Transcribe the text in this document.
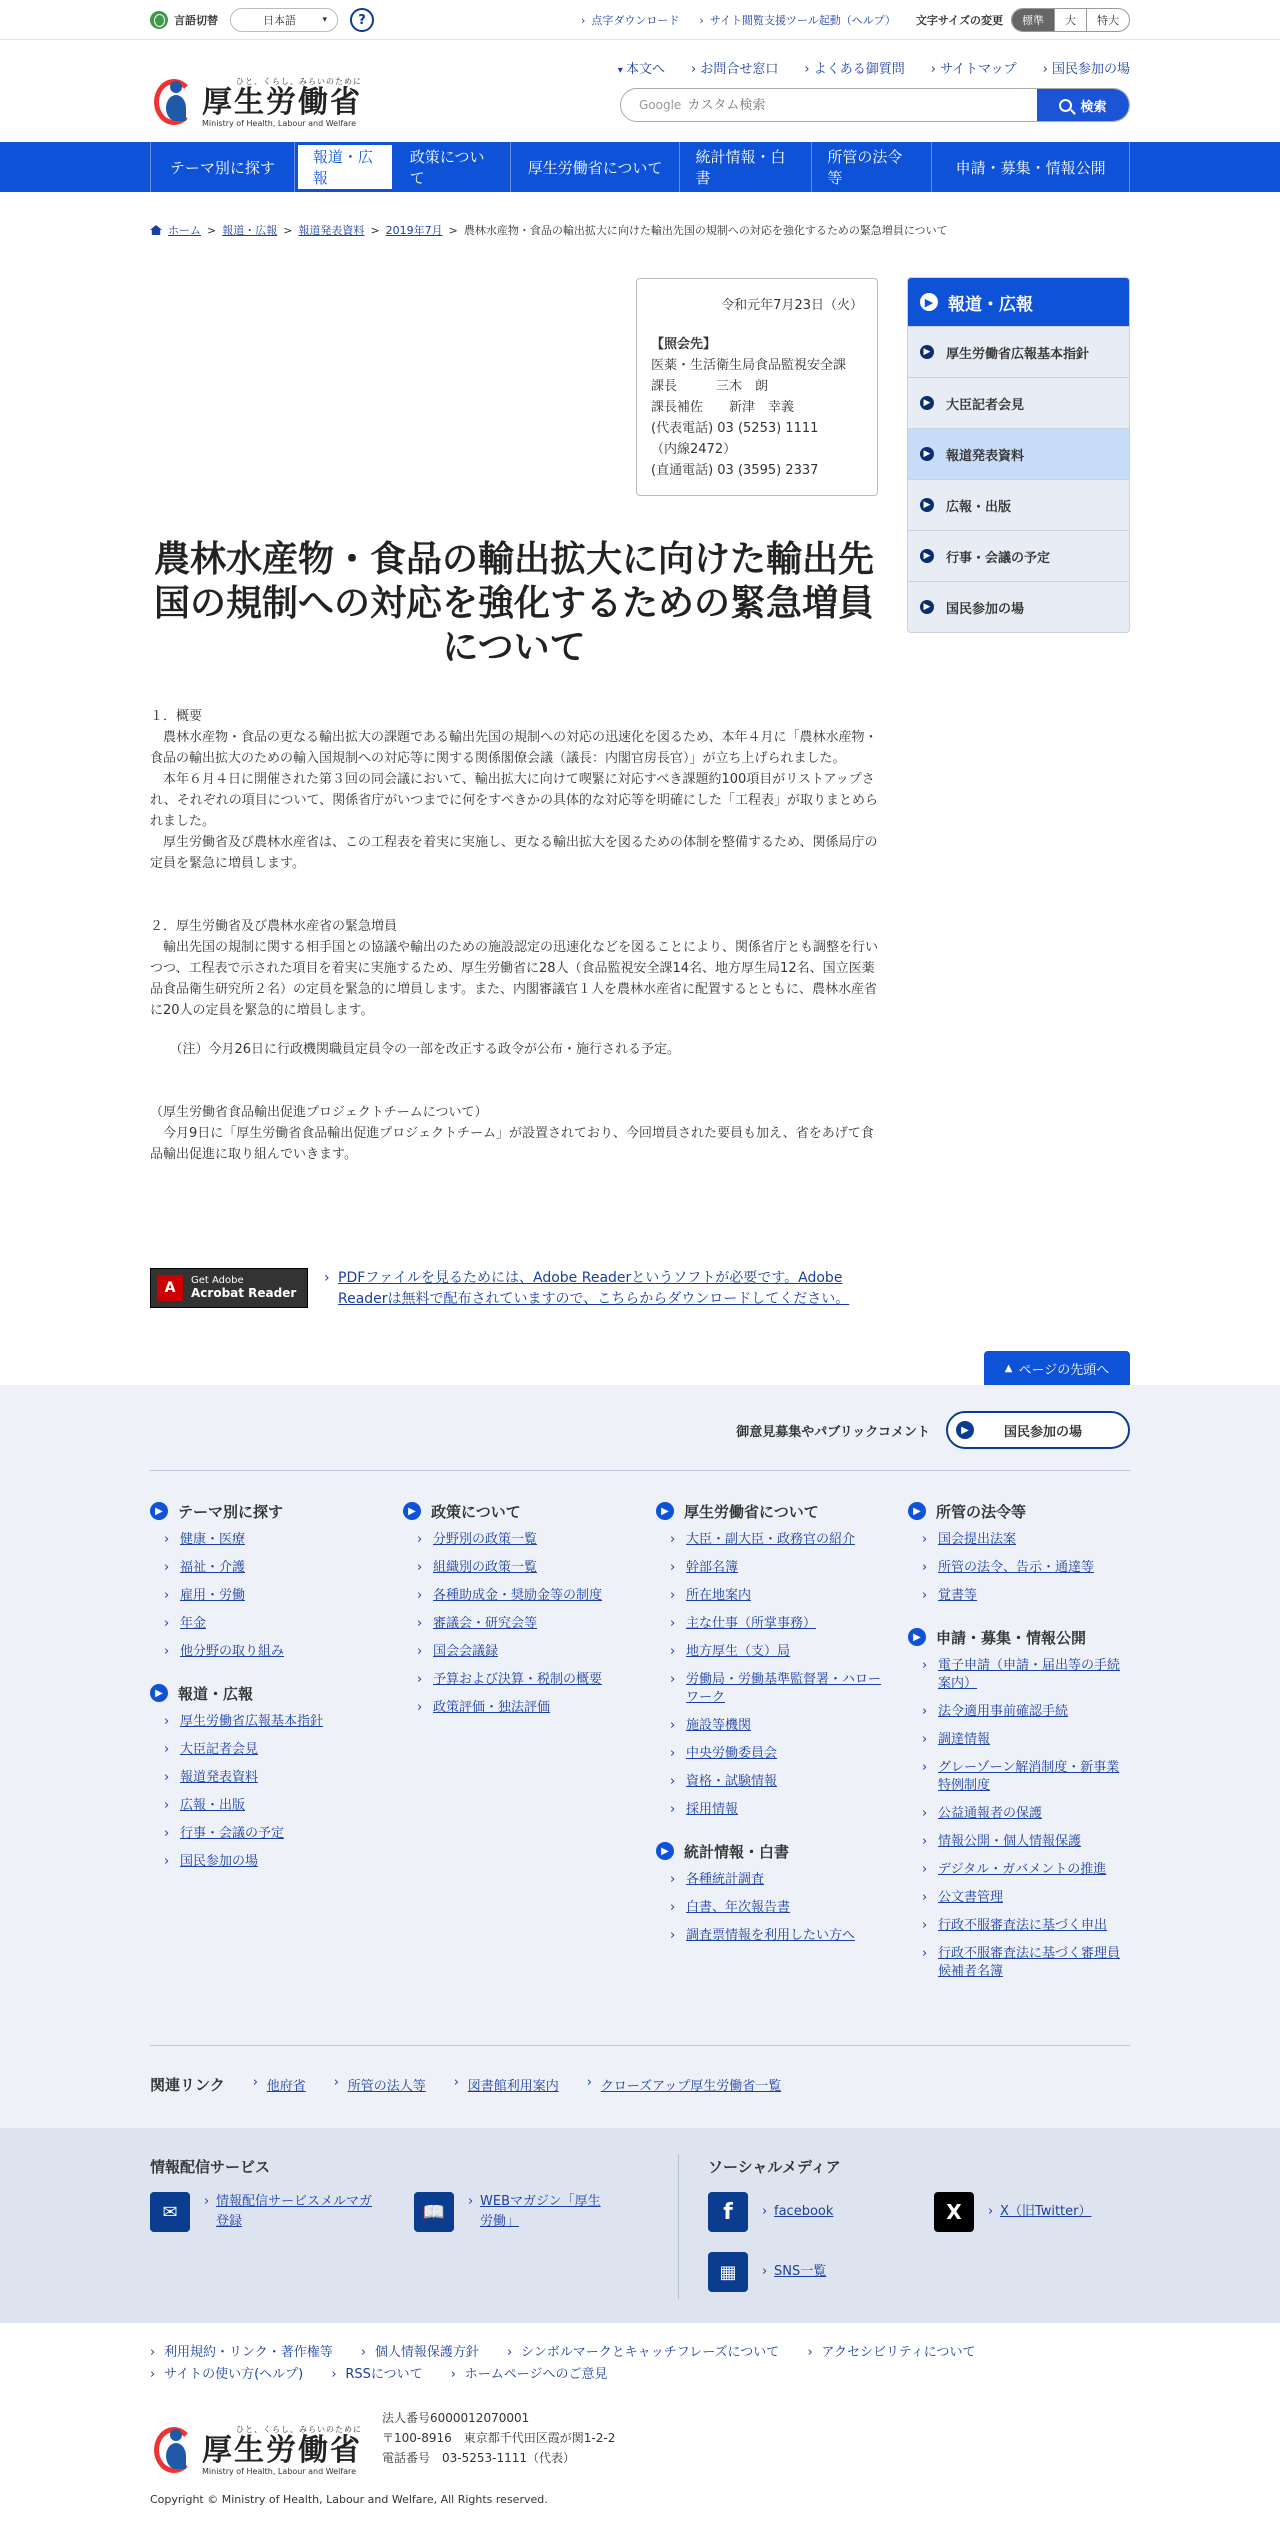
言語切替	日本語	▾	?	› 点字ダウンロード	› サイト閲覧支援ツール起動（ヘルプ） 文字サイズの変更	標準	大	特大
ひと、くらし、みらいのために
厚生労働省
Ministry of Health, Labour and Welfare
▾ 本文へ	› お問合せ窓口	› よくある御質問	› サイトマップ	› 国民参加の場
Google
カスタム検索	検索
テーマ別に探す
報道・広報
政策について
厚生労働省について
統計情報・白書
所管の法令等
申請・募集・情報公開
ホーム > 報道・広報 > 報道発表資料 > 2019年7月 > 農林水産物・食品の輸出拡大に向けた輸出先国の規制への対応を強化するための緊急増員について
令和元年7月23日（火）
【照会先】
医薬・生活衛生局食品監視安全課
課長　　　三木　朗
課長補佐　　新津　幸義
(代表電話) 03 (5253) 1111
（内線2472）
(直通電話) 03 (3595) 2337
農林水産物・食品の輸出拡大に向けた輸出先国の規制への対応を強化するための緊急増員について

１．概要
　農林水産物・食品の更なる輸出拡大の課題である輸出先国の規制への対応の迅速化を図るため、本年４月に「農林水産物・食品の輸出拡大のための輸入国規制への対応等に関する関係閣僚会議（議長：内閣官房長官）」が立ち上げられました。
　本年６月４日に開催された第３回の同会議において、輸出拡大に向けて喫緊に対応すべき課題約100項目がリストアップされ、それぞれの項目について、関係省庁がいつまでに何をすべきかの具体的な対応等を明確にした「工程表」が取りまとめられました。
　厚生労働省及び農林水産省は、この工程表を着実に実施し、更なる輸出拡大を図るための体制を整備するため、関係局庁の定員を緊急に増員します。

２．厚生労働省及び農林水産省の緊急増員
　輸出先国の規制に関する相手国との協議や輸出のための施設認定の迅速化などを図ることにより、関係省庁とも調整を行いつつ、工程表で示された項目を着実に実施するため、厚生労働省に28人（食品監視安全課14名、地方厚生局12名、国立医薬品食品衛生研究所２名）の定員を緊急的に増員します。また、内閣審議官１人を農林水産省に配置するとともに、農林水産省に20人の定員を緊急的に増員します。

　　（注）今月26日に行政機関職員定員令の一部を改正する政令が公布・施行される予定。

（厚生労働省食品輸出促進プロジェクトチームについて）
　今月9日に「厚生労働省食品輸出促進プロジェクトチーム」が設置されており、今回増員された要員も加え、省をあげて食品輸出促進に取り組んでいきます。

A	Get Adobe
Acrobat Reader
› PDFファイルを見るためには、Adobe Readerというソフトが必要です。Adobe Readerは無料で配布されていますので、こちらからダウンロードしてください。
▶ 報道・広報
▶ 厚生労働省広報基本指針
▶ 大臣記者会見
▶ 報道発表資料
▶ 広報・出版
▶ 行事・会議の予定
▶ 国民参加の場
▲ ページの先頭へ
御意見募集やパブリックコメント	▶	国民参加の場
▶	テーマ別に探す
› 健康・医療
› 福祉・介護
› 雇用・労働
› 年金
› 他分野の取り組み
▶	報道・広報
› 厚生労働省広報基本指針
› 大臣記者会見
› 報道発表資料
› 広報・出版
› 行事・会議の予定
› 国民参加の場
▶	政策について
› 分野別の政策一覧
› 組織別の政策一覧
› 各種助成金・奨励金等の制度
› 審議会・研究会等
› 国会会議録
› 予算および決算・税制の概要
› 政策評価・独法評価
▶	厚生労働省について
› 大臣・副大臣・政務官の紹介
› 幹部名簿
› 所在地案内
› 主な仕事（所掌事務）
› 地方厚生（支）局
› 労働局・労働基準監督署・ハローワーク
› 施設等機関
› 中央労働委員会
› 資格・試験情報
› 採用情報
▶	統計情報・白書
› 各種統計調査
› 白書、年次報告書
› 調査票情報を利用したい方へ
▶	所管の法令等
› 国会提出法案
› 所管の法令、告示・通達等
› 覚書等
▶	申請・募集・情報公開
› 電子申請（申請・届出等の手続案内）
› 法令適用事前確認手続
› 調達情報
› グレーゾーン解消制度・新事業特例制度
› 公益通報者の保護
› 情報公開・個人情報保護
› デジタル・ガバメントの推進
› 公文書管理
› 行政不服審査法に基づく申出
› 行政不服審査法に基づく審理員候補者名簿
関連リンク	› 他府省	› 所管の法人等	› 図書館利用案内	› クローズアップ厚生労働省一覧
情報配信サービス
✉	› 情報配信サービスメルマガ登録	📖	› WEBマガジン「厚生労働」
ソーシャルメディア
f	› facebook	X	› X（旧Twitter）
▦	› SNS一覧
› 利用規約・リンク・著作権等	› 個人情報保護方針	› シンボルマークとキャッチフレーズについて	› アクセシビリティについて
› サイトの使い方(ヘルプ)	› RSSについて	› ホームページへのご意見
ひと、くらし、みらいのために
厚生労働省
Ministry of Health, Labour and Welfare
法人番号6000012070001
〒100-8916　東京都千代田区霞が関1-2-2
電話番号　03-5253-1111（代表）
Copyright © Ministry of Health, Labour and Welfare, All Rights reserved.
